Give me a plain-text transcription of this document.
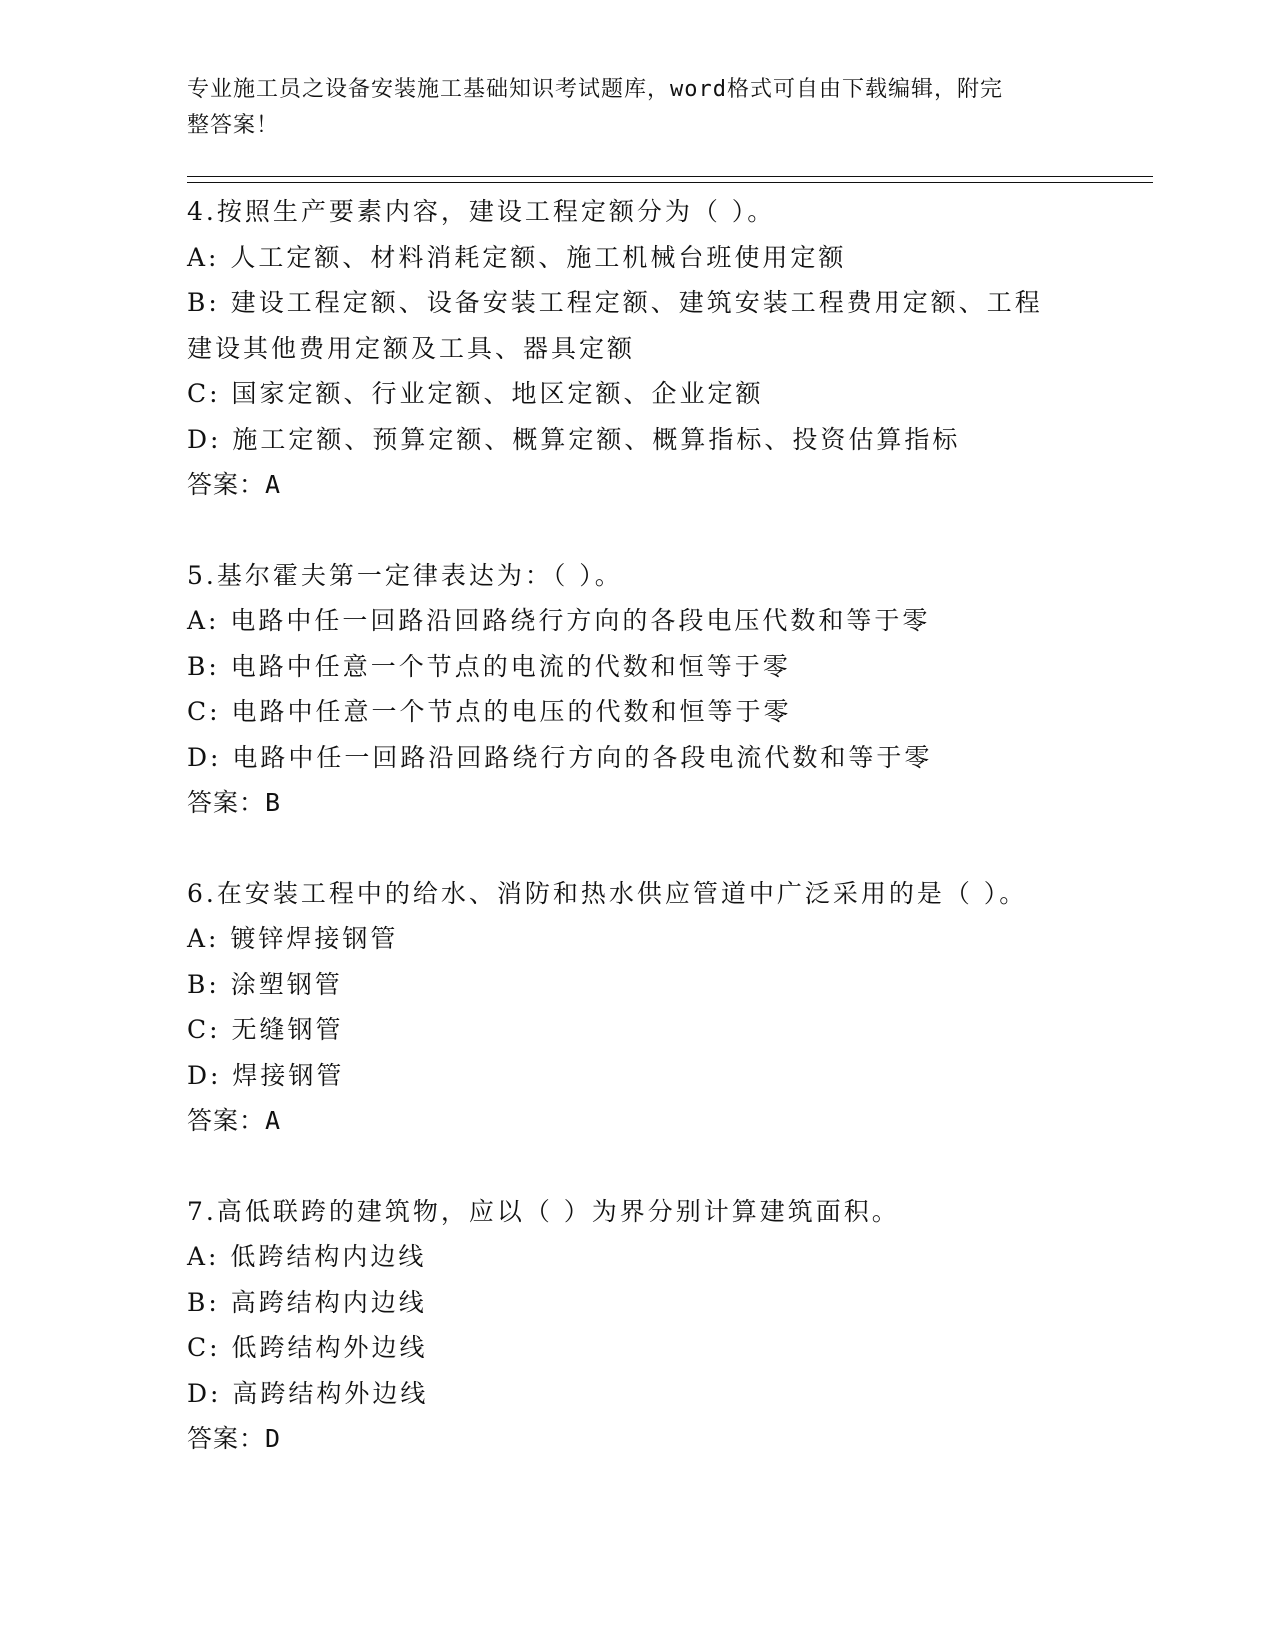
专业施工员之设备安装施工基础知识考试题库，word格式可自由下载编辑，附完
整答案！
4.按照生产要素内容，建设工程定额分为（ ）。
A: 人工定额、材料消耗定额、施工机械台班使用定额
B: 建设工程定额、设备安装工程定额、建筑安装工程费用定额、工程
建设其他费用定额及工具、器具定额
C: 国家定额、行业定额、地区定额、企业定额
D: 施工定额、预算定额、概算定额、概算指标、投资估算指标
答案：A
5.基尔霍夫第一定律表达为：（ ）。
A: 电路中任一回路沿回路绕行方向的各段电压代数和等于零
B: 电路中任意一个节点的电流的代数和恒等于零
C: 电路中任意一个节点的电压的代数和恒等于零
D: 电路中任一回路沿回路绕行方向的各段电流代数和等于零
答案：B
6.在安装工程中的给水、消防和热水供应管道中广泛采用的是（ ）。
A: 镀锌焊接钢管
B: 涂塑钢管
C: 无缝钢管
D: 焊接钢管
答案：A
7.高低联跨的建筑物，应以（ ）为界分别计算建筑面积。
A: 低跨结构内边线
B: 高跨结构内边线
C: 低跨结构外边线
D: 高跨结构外边线
答案：D
